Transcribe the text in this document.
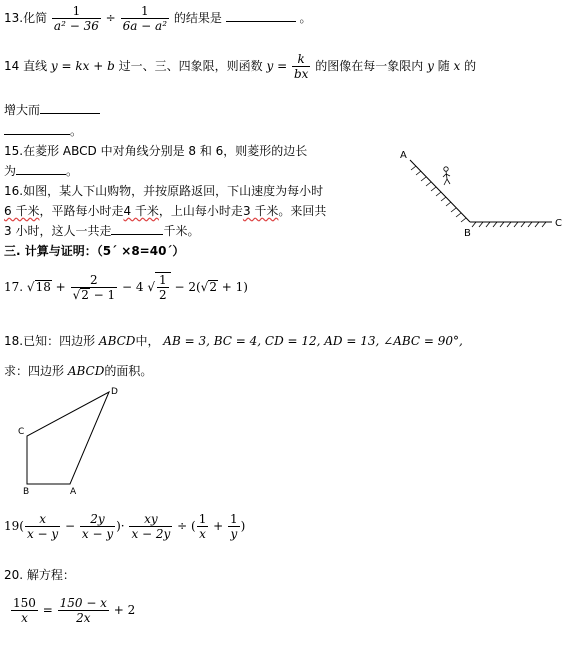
13.化简 $\frac{1}{\text{a² − 36}} \div \frac{1}{\text{6a − a²}}$ 的结果是	。
14 直线 y = kx + b 过一、三、四象限，则函数 $y = \frac{k}{bx}$ 的图像在每一象限内 y 随 x 的
增大而
。
15.在菱形 ABCD 中对角线分别是 8 和 6，则菱形的边长
为	。
16.如图，某人下山购物，并按原路返回，下山速度为每小时
6 千米，平路每小时走4 千米，上山每小时走3 千米。来回共
3 小时，这人一共走	千米。
A
B
C
三. 计算与证明：（5´ ×8=40´）
17. $√18 + \frac{2}{√2 - 1} - 4$ √ $\frac{1}{2} - 2(√2 + 1)$
18.已知：四边形 ABCD中， AB = 3, BC = 4, CD = 12, AD = 13, ∠ABC = 90°,
求：四边形 ABCD的面积。
C
D
B	A
$19( \frac{x}{x - y} - \frac{2y}{x - y}$ )· $\frac{xy}{x - 2y}$ ÷ ( $\frac{1}{x} + \frac{1}{y}$ )
20. 解方程：
$\frac{150}{x} = \frac{150 - x}{2x} + 2$
